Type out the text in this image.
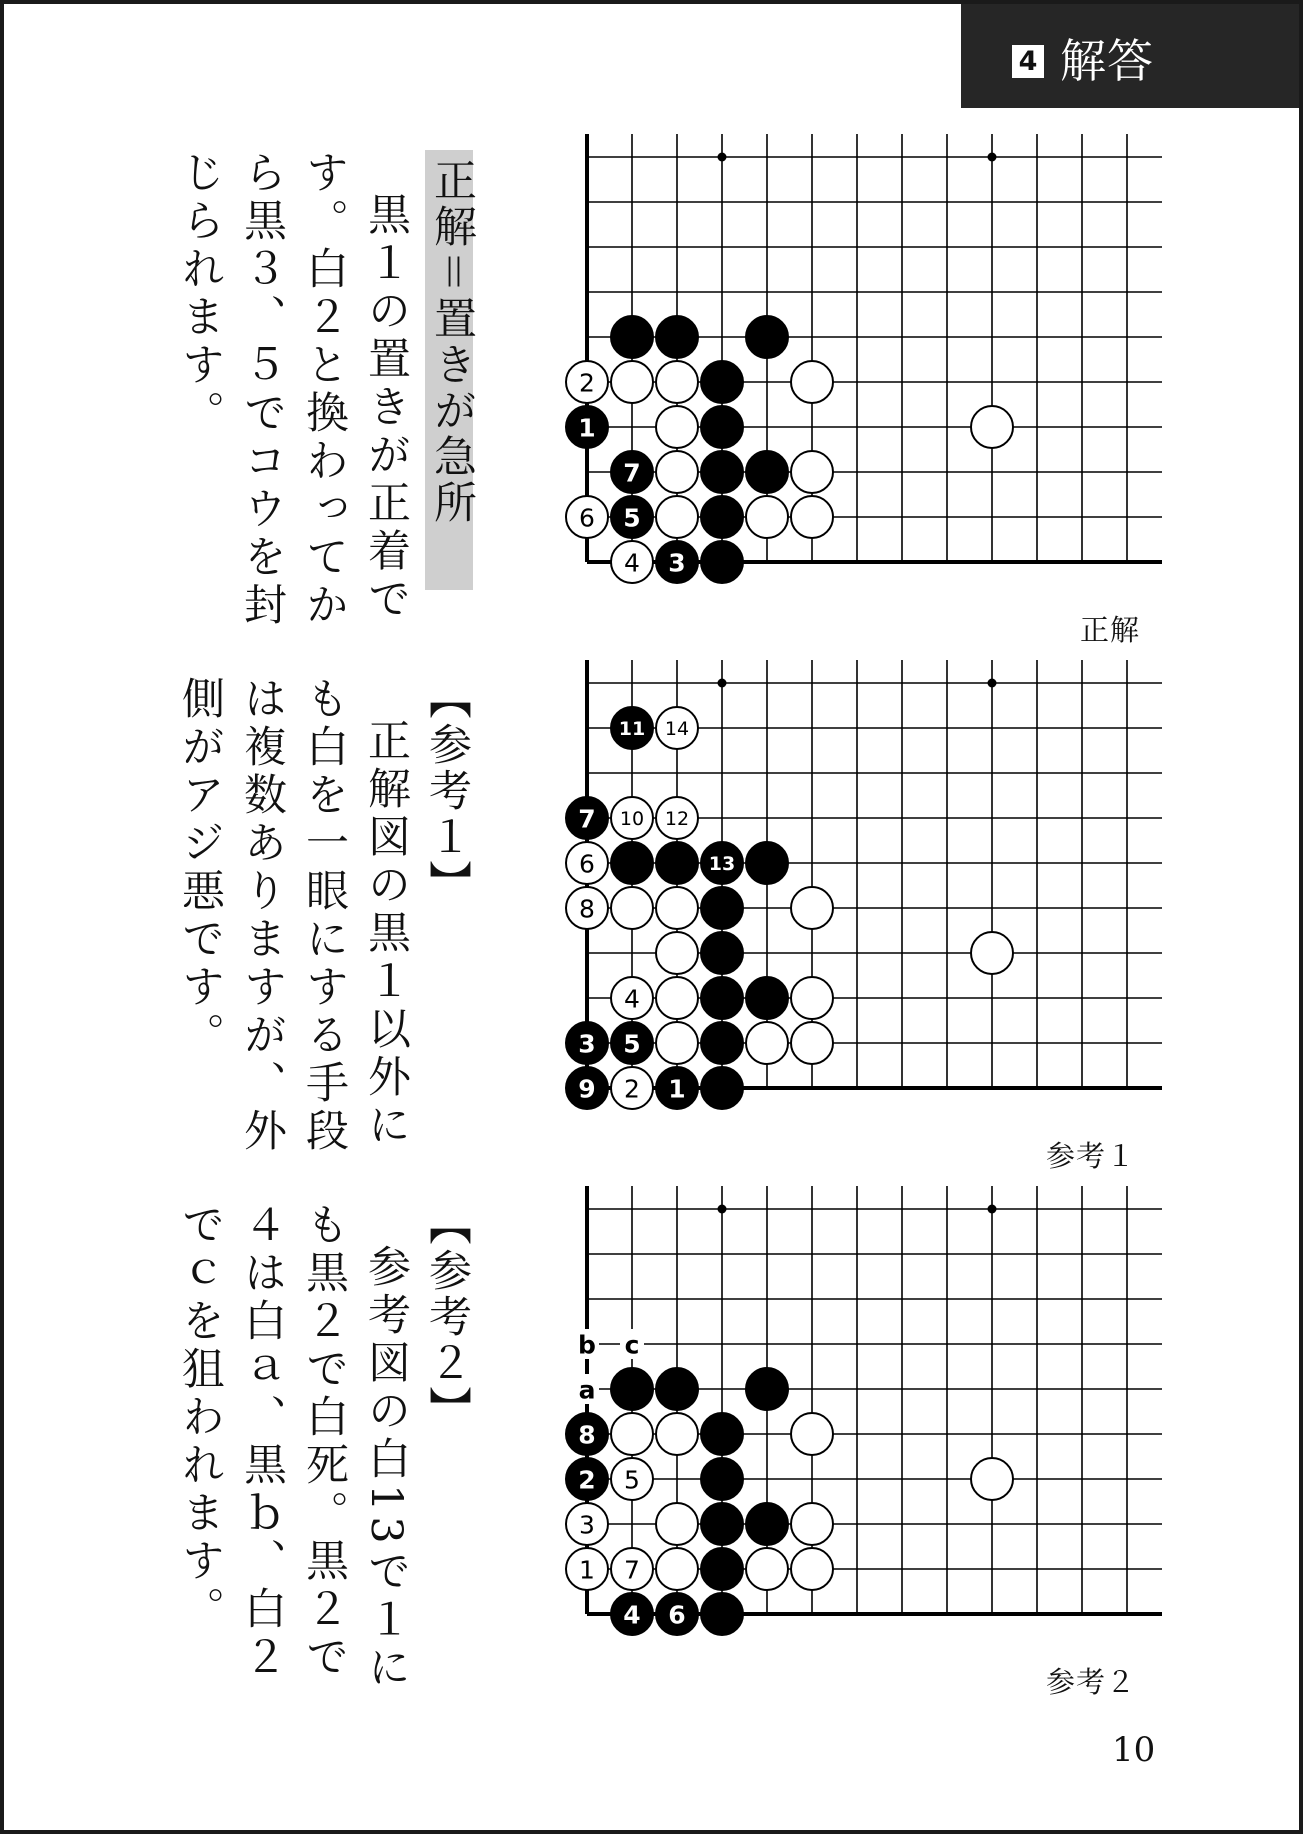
4 解答
正解＝置きが急所
黒１の置きが正着で
す。白２と換わってか
ら黒３、５でコウを封
じられます。
【参考１】
正解図の黒１以外に
も白を一眼にする手段
は複数ありますが、外
側がアジ悪です。
【参考２】
参考図の白13で１に
も黒２で白死。黒２で
４は白ａ、黒ｂ、白２
でｃを狙われます。
2
1
7
6 5
4 3
正解
11 14
7 10 12
6	13
8
4
3 5
9 2 1
参考１
8
2 5
3
1 7
4 6
b c
a
参考２
10
